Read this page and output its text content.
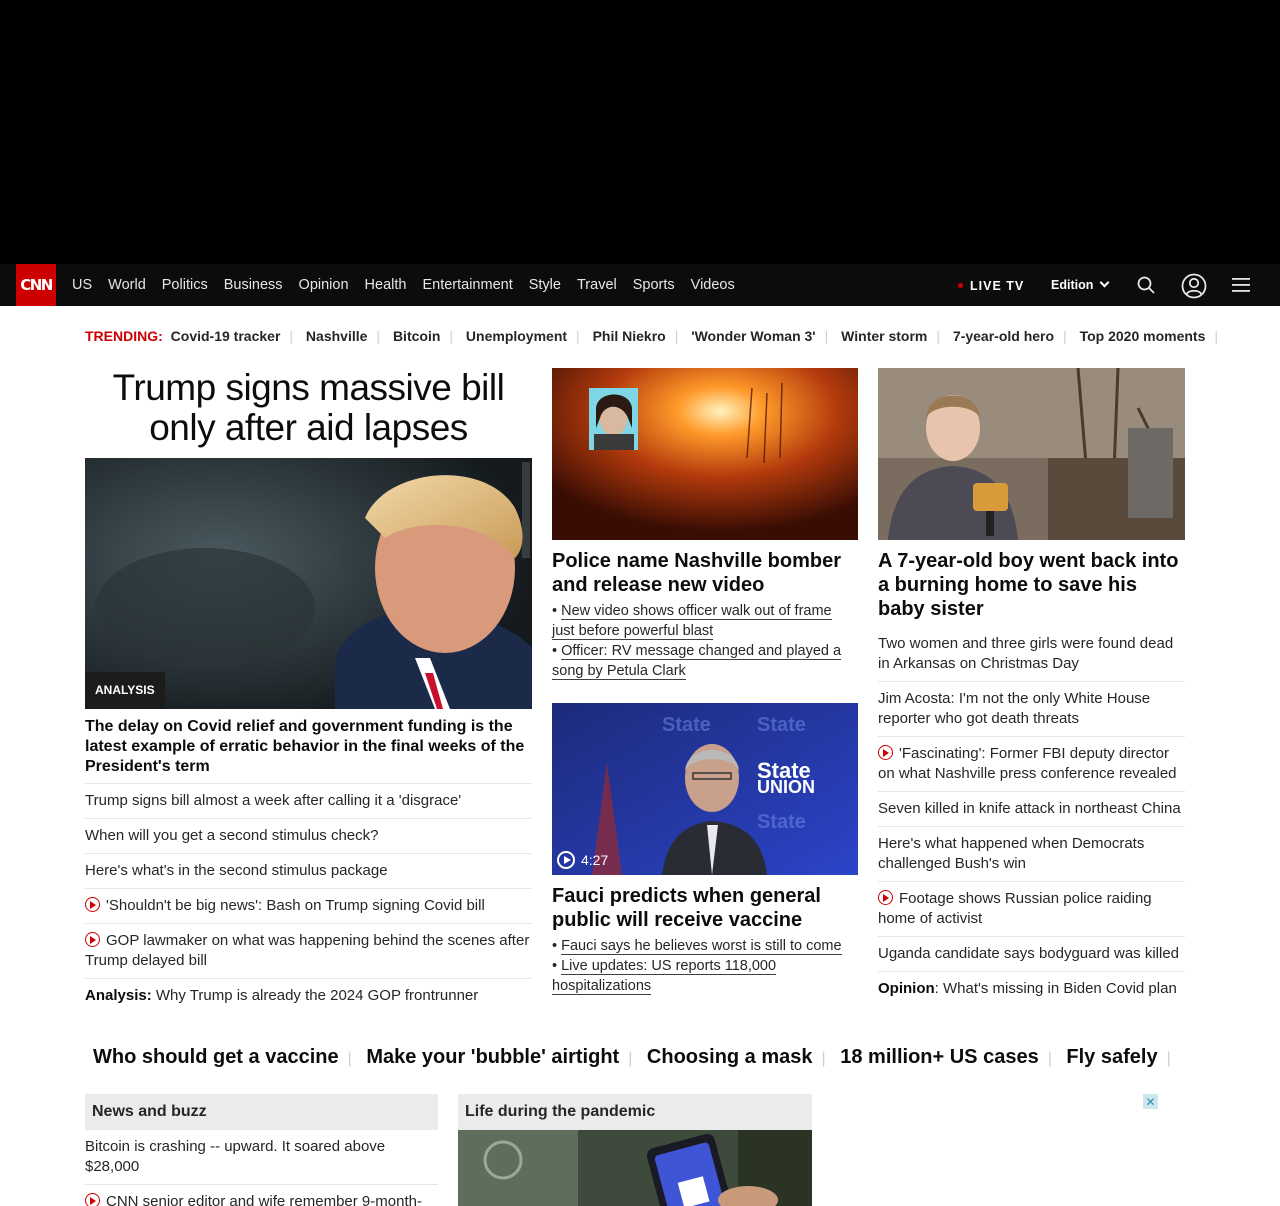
CNN	US	World	Politics	Business	Opinion	Health	Entertainment	Style	Travel	Sports	Videos	LIVE TV Edition
TRENDING: Covid-19 tracker | Nashville | Bitcoin | Unemployment | Phil Niekro | 'Wonder Woman 3' | Winter storm | 7-year-old hero | Top 2020 moments |
Trump signs massive bill only after aid lapses
ANALYSIS
The delay on Covid relief and government funding is the latest example of erratic behavior in the final weeks of the President's term
Trump signs bill almost a week after calling it a 'disgrace'
When will you get a second stimulus check?
Here's what's in the second stimulus package
'Shouldn't be big news': Bash on Trump signing Covid bill
GOP lawmaker on what was happening behind the scenes after Trump delayed bill
Analysis: Why Trump is already the 2024 GOP frontrunner
Police name Nashville bomber and release new video
• New video shows officer walk out of frame just before powerful blast
• Officer: RV message changed and played a song by Petula Clark
State State
State
State
UNION
4:27
Fauci predicts when general public will receive vaccine
• Fauci says he believes worst is still to come
• Live updates: US reports 118,000 hospitalizations
A 7-year-old boy went back into a burning home to save his baby sister
Two women and three girls were found dead in Arkansas on Christmas Day
Jim Acosta: I'm not the only White House reporter who got death threats
'Fascinating': Former FBI deputy director on what Nashville press conference revealed
Seven killed in knife attack in northeast China
Here's what happened when Democrats challenged Bush's win
Footage shows Russian police raiding home of activist
Uganda candidate says bodyguard was killed
Opinion: What's missing in Biden Covid plan
Who should get a vaccine | Make your 'bubble' airtight | Choosing a mask | 18 million+ US cases | Fly safely |
News and buzz
Bitcoin is crashing -- upward. It soared above $28,000
CNN senior editor and wife remember 9-month-
Life during the pandemic
✕
